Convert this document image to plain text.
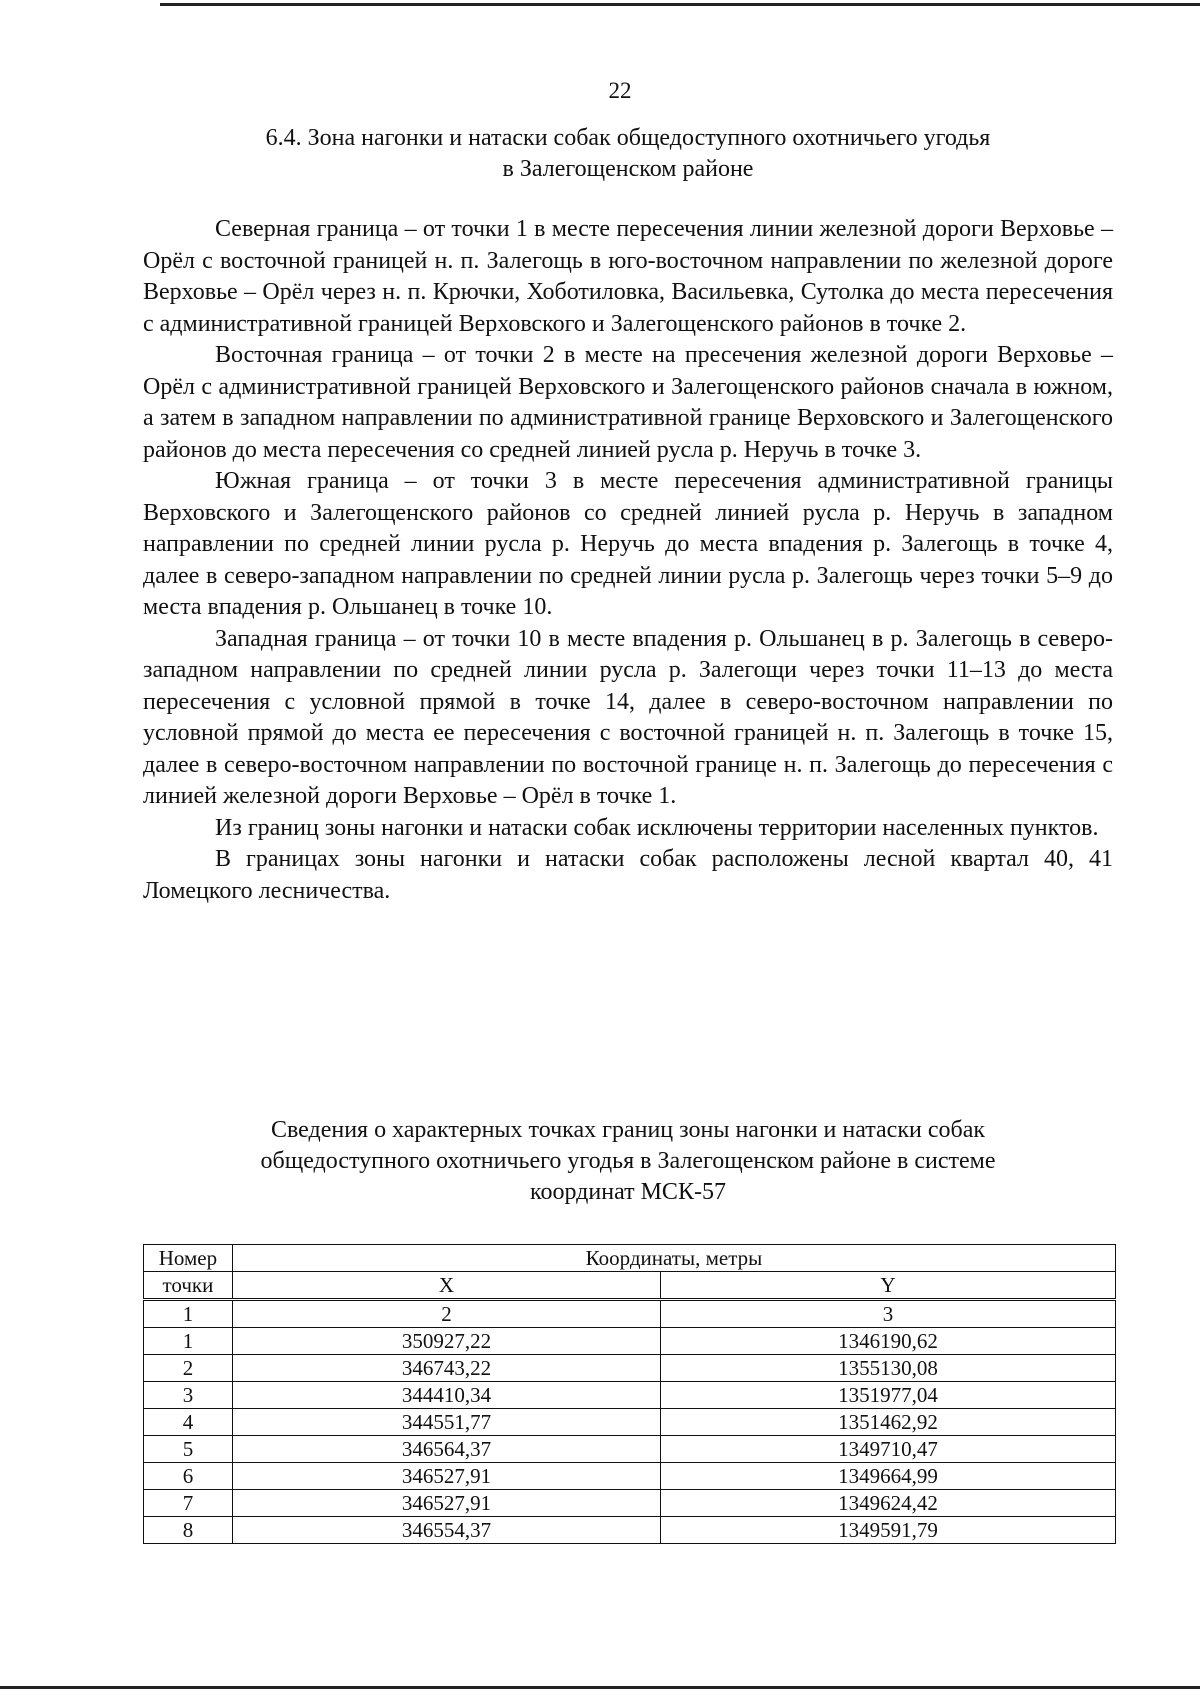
22
6.4. Зона нагонки и натаски собак общедоступного охотничьего угодья
в Залегощенском районе

Северная граница – от точки 1 в месте пересечения линии железной дороги Верховье – Орёл с восточной границей н. п. Залегощь в юго-восточном направлении по железной дороге Верховье – Орёл через н. п. Крючки, Хоботиловка, Васильевка, Сутолка до места пересечения с административной границей Верховского и Залегощенского районов в точке 2.

Восточная граница – от точки 2 в месте на пресечения железной дороги Верховье – Орёл с административной границей Верховского и Залегощенского районов сначала в южном, а затем в западном направлении по административной границе Верховского и Залегощенского районов до места пересечения со средней линией русла р. Неручь в точке 3.

Южная граница – от точки 3 в месте пересечения административной границы Верховского и Залегощенского районов со средней линией русла р. Неручь в западном направлении по средней линии русла р. Неручь до места впадения р. Залегощь в точке 4, далее в северо-западном направлении по средней линии русла р. Залегощь через точки 5–9 до места впадения р. Ольшанец в точке 10.

Западная граница – от точки 10 в месте впадения р. Ольшанец в р. Залегощь в северо-западном направлении по средней линии русла р. Залегощи через точки 11–13 до места пересечения с условной прямой в точке 14, далее в северо-восточном направлении по условной прямой до места ее пересечения с восточной границей н. п. Залегощь в точке 15, далее в северо-восточном направлении по восточной границе н. п. Залегощь до пересечения с линией железной дороги Верховье – Орёл в точке 1.

Из границ зоны нагонки и натаски собак исключены территории населенных пунктов.

В границах зоны нагонки и натаски собак расположены лесной квартал 40, 41 Ломецкого лесничества.

Сведения о характерных точках границ зоны нагонки и натаски собак
общедоступного охотничьего угодья в Залегощенском районе в системе
координат МСК-57
Номер	Координаты, метры	
точки	X	Y
1	2	3
1	350927,22	1346190,62
2	346743,22	1355130,08
3	344410,34	1351977,04
4	344551,77	1351462,92
5	346564,37	1349710,47
6	346527,91	1349664,99
7	346527,91	1349624,42
8	346554,37	1349591,79
